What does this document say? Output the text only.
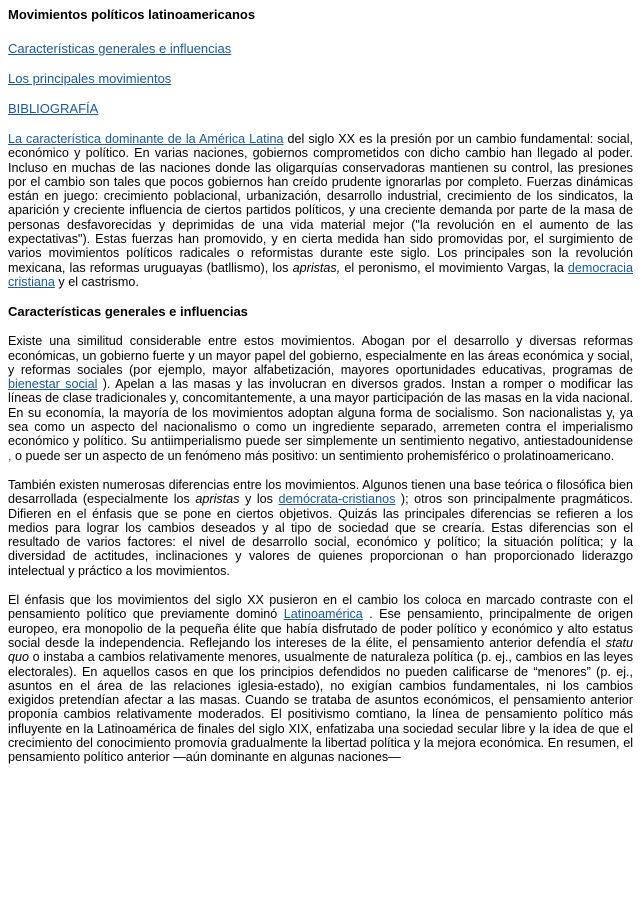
Movimientos políticos latinoamericanos
Características generales e influencias
Los principales movimientos
BIBLIOGRAFÍA

La característica dominante de la América Latina del siglo XX es la presión por un cambio fundamental: social, económico y político. En varias naciones, gobiernos comprometidos con dicho cambio han llegado al poder. Incluso en muchas de las naciones donde las oligarquías conservadoras mantienen su control, las presiones por el cambio son tales que pocos gobiernos han creído prudente ignorarlas por completo. Fuerzas dinámicas están en juego: crecimiento poblacional, urbanización, desarrollo industrial, crecimiento de los sindicatos, la aparición y creciente influencia de ciertos partidos políticos, y una creciente demanda por parte de la masa de personas desfavorecidas y deprimidas de una vida material mejor ("la revolución en el aumento de las expectativas"). Estas fuerzas han promovido, y en cierta medida han sido promovidas por, el surgimiento de varios movimientos políticos radicales o reformistas durante este siglo. Los principales son la revolución mexicana, las reformas uruguayas (batllismo), los apristas, el peronismo, el movimiento Vargas, la democracia cristiana y el castrismo.

Características generales e influencias

Existe una similitud considerable entre estos movimientos. Abogan por el desarrollo y diversas reformas económicas, un gobierno fuerte y un mayor papel del gobierno, especialmente en las áreas económica y social, y reformas sociales (por ejemplo, mayor alfabetización, mayores oportunidades educativas, programas de bienestar social ). Apelan a las masas y las involucran en diversos grados. Instan a romper o modificar las líneas de clase tradicionales y, concomitantemente, a una mayor participación de las masas en la vida nacional. En su economía, la mayoría de los movimientos adoptan alguna forma de socialismo. Son nacionalistas y, ya sea como un aspecto del nacionalismo o como un ingrediente separado, arremeten contra el imperialismo económico y político. Su antiimperialismo puede ser simplemente un sentimiento negativo, antiestadounidense , o puede ser un aspecto de un fenómeno más positivo: un sentimiento prohemisférico o prolatinoamericano.

También existen numerosas diferencias entre los movimientos. Algunos tienen una base teórica o filosófica bien desarrollada (especialmente los apristas y los demócrata-cristianos ); otros son principalmente pragmáticos. Difieren en el énfasis que se pone en ciertos objetivos. Quizás las principales diferencias se refieren a los medios para lograr los cambios deseados y al tipo de sociedad que se crearía. Estas diferencias son el resultado de varios factores: el nivel de desarrollo social, económico y político; la situación política; y la diversidad de actitudes, inclinaciones y valores de quienes proporcionan o han proporcionado liderazgo intelectual y práctico a los movimientos.

El énfasis que los movimientos del siglo XX pusieron en el cambio los coloca en marcado contraste con el pensamiento político que previamente dominó Latinoamérica . Ese pensamiento, principalmente de origen europeo, era monopolio de la pequeña élite que había disfrutado de poder político y económico y alto estatus social desde la independencia. Reflejando los intereses de la élite, el pensamiento anterior defendía el statu quo o instaba a cambios relativamente menores, usualmente de naturaleza política (p. ej., cambios en las leyes electorales). En aquellos casos en que los principios defendidos no pueden calificarse de “menores” (p. ej., asuntos en el área de las relaciones iglesia-estado), no exigían cambios fundamentales, ni los cambios exigidos pretendían afectar a las masas. Cuando se trataba de asuntos económicos, el pensamiento anterior proponía cambios relativamente moderados. El positivismo comtiano, la línea de pensamiento político más influyente en la Latinoamérica de finales del siglo XIX, enfatizaba una sociedad secular libre y la idea de que el crecimiento del conocimiento promovía gradualmente la libertad política y la mejora económica. En resumen, el pensamiento político anterior —aún dominante en algunas naciones—
